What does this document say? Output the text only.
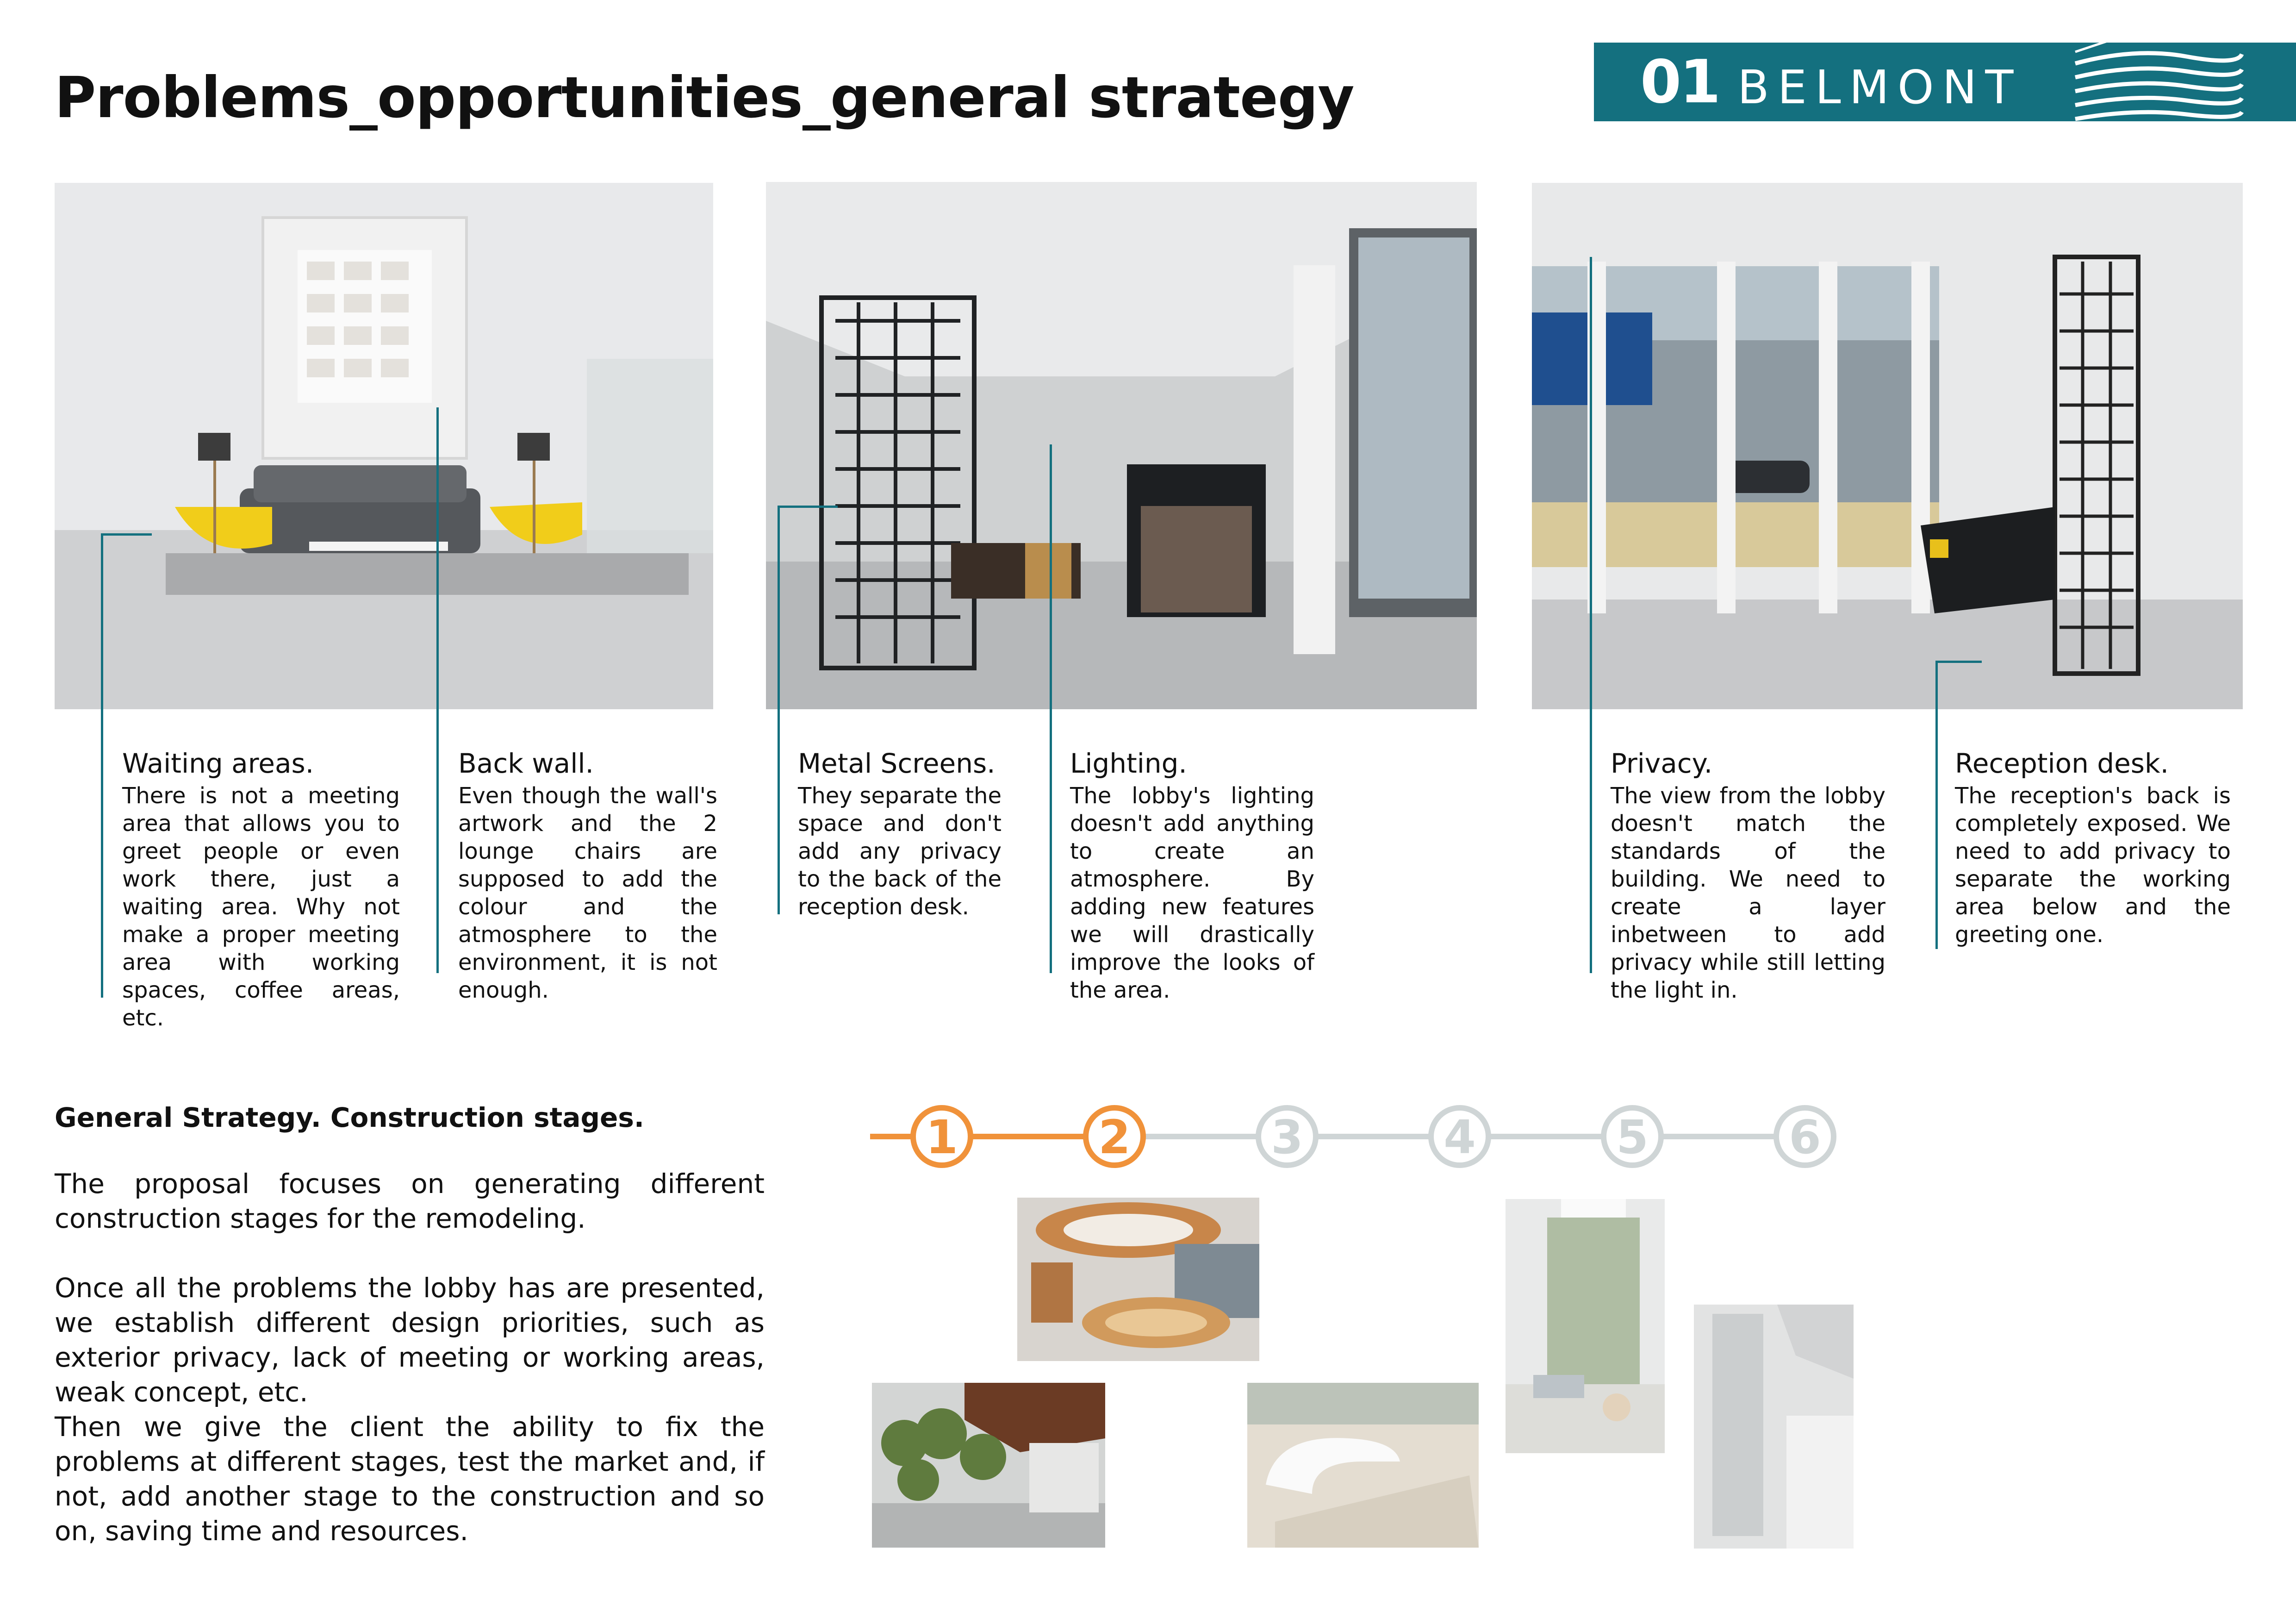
Problems_opportunities_general strategy	01 BELMONT

Waiting areas.

There is not a meeting area that allows you to greet people or even work there, just a waiting area. Why not make a proper meeting area with working spaces, coffee areas, etc.

Back wall.

Even though the wall's artwork and the 2 lounge chairs are supposed to add the colour and the atmosphere to the environment, it is not enough.

Metal Screens.

They separate the space and don't add any privacy to the back of the reception desk.

Lighting.

The lobby's lighting doesn't add anything to create an atmosphere. By adding new features we will drastically improve the looks of the area.

Privacy.

The view from the lobby doesn't match the standards of the building. We need to create a layer inbetween to add privacy while still letting the light in.

Reception desk.

The reception's back is completely exposed. We need to add privacy to separate the working area below and the greeting one.

General Strategy. Construction stages.

The proposal focuses on generating different construction stages for the remodeling.

Once all the problems the lobby has are presented, we establish different design priorities, such as exterior privacy, lack of meeting or working areas, weak concept, etc.

Then we give the client the ability to fix the problems at different stages, test the market and, if not, add another stage to the construction and so on, saving time and resources.

1	2	3	4	5	6
